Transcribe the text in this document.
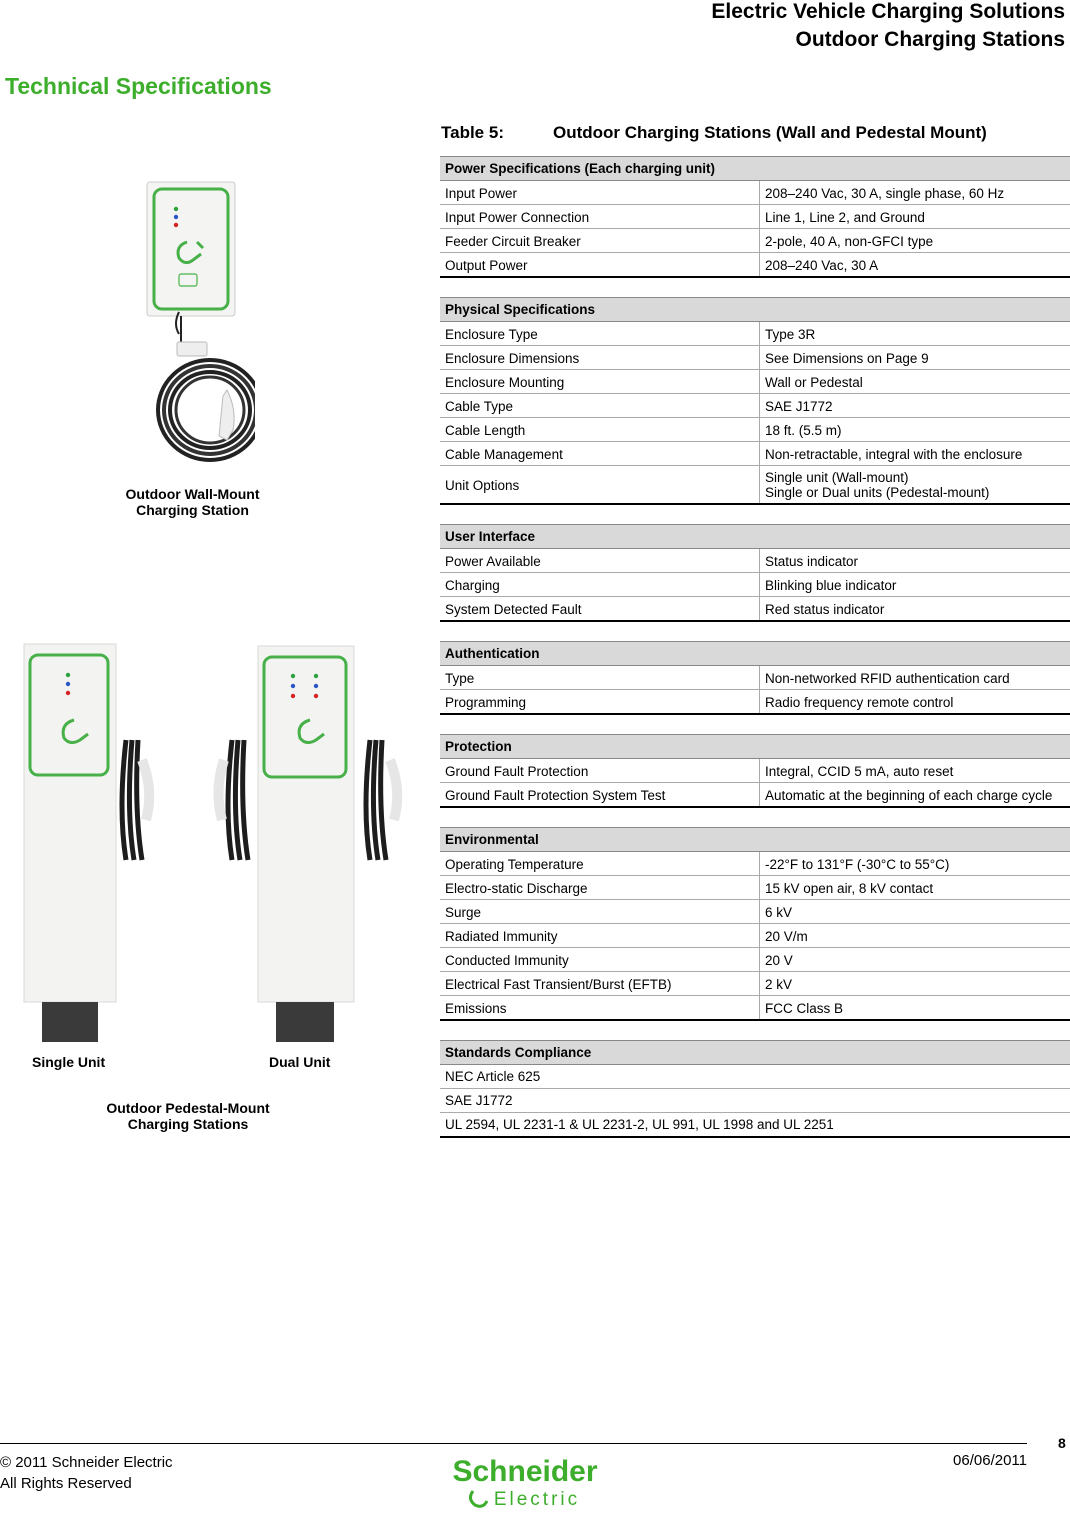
Electric Vehicle Charging Solutions
Outdoor Charging Stations
Technical Specifications
Table 5:	Outdoor Charging Stations (Wall and Pedestal Mount)
Power Specifications (Each charging unit)
Input Power	208–240 Vac, 30 A, single phase, 60 Hz
Input Power Connection	Line 1, Line 2, and Ground
Feeder Circuit Breaker	2-pole, 40 A, non-GFCI type
Output Power	208–240 Vac, 30 A
Physical Specifications
Enclosure Type	Type 3R
Enclosure Dimensions	See Dimensions on Page 9
Enclosure Mounting	Wall or Pedestal
Cable Type	SAE J1772
Cable Length	18 ft. (5.5 m)
Cable Management	Non-retractable, integral with the enclosure
Unit Options	Single unit (Wall-mount)
Single or Dual units (Pedestal-mount)
User Interface
Power Available	Status indicator
Charging	Blinking blue indicator
System Detected Fault	Red status indicator
Authentication
Type	Non-networked RFID authentication card
Programming	Radio frequency remote control
Protection
Ground Fault Protection	Integral, CCID 5 mA, auto reset
Ground Fault Protection System Test	Automatic at the beginning of each charge cycle
Environmental
Operating Temperature	-22°F to 131°F (-30°C to 55°C)
Electro-static Discharge	15 kV open air, 8 kV contact
Surge	6 kV
Radiated Immunity	20 V/m
Conducted Immunity	20 V
Electrical Fast Transient/Burst (EFTB)	2 kV
Emissions	FCC Class B
Standards Compliance
NEC Article 625
SAE J1772
UL 2594, UL 2231-1 & UL 2231-2, UL 991, UL 1998 and UL 2251
Outdoor Wall-Mount
Charging Station
Single Unit	Dual Unit
Outdoor Pedestal-Mount
Charging Stations
8
© 2011 Schneider Electric
All Rights Reserved
06/06/2011
Schneider
Electric
